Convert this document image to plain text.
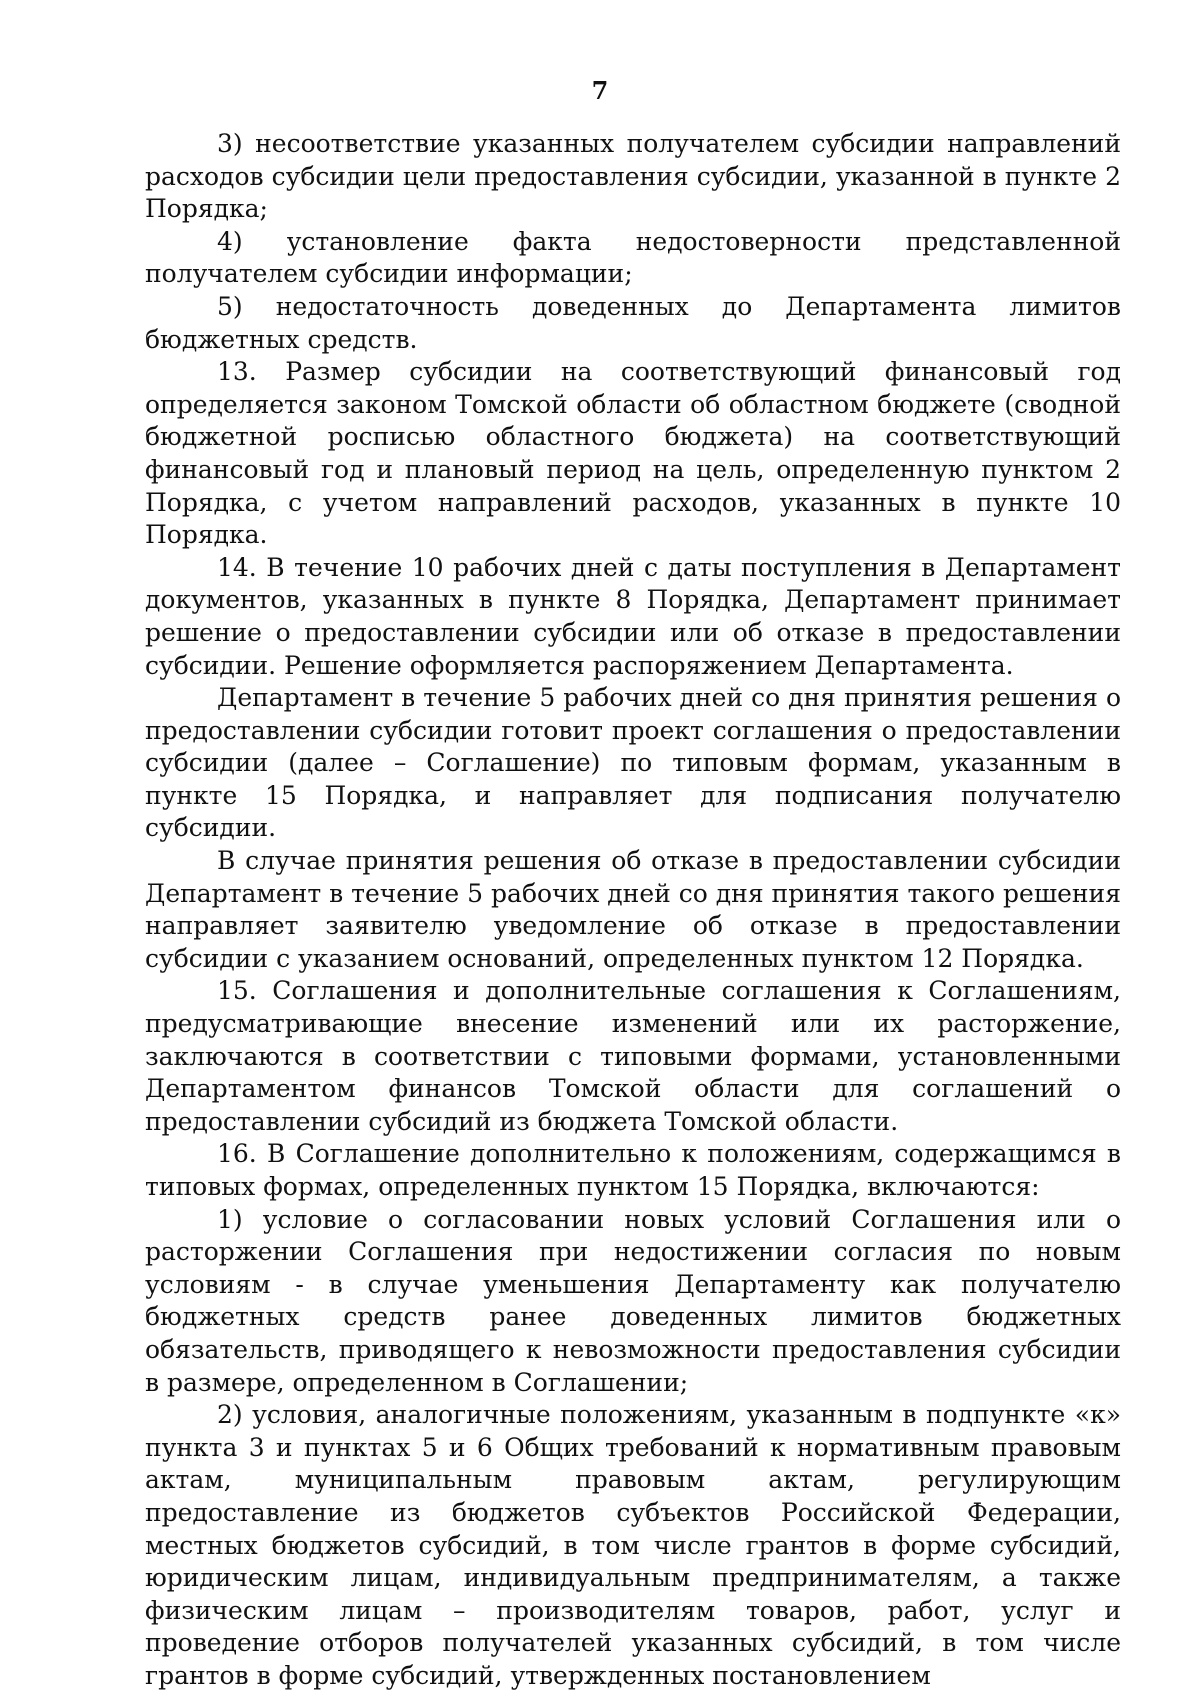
7

3) несоответствие указанных получателем субсидии направлений расходов субсидии цели предоставления субсидии, указанной в пункте 2 Порядка;

4) установление факта недостоверности представленной получателем субсидии информации;

5) недостаточность доведенных до Департамента лимитов бюджетных средств.

13. Размер субсидии на соответствующий финансовый год определяется законом Томской области об областном бюджете (сводной бюджетной росписью областного бюджета) на соответствующий финансовый год и плановый период на цель, определенную пунктом 2 Порядка, с учетом направлений расходов, указанных в пункте 10 Порядка.

14. В течение 10 рабочих дней с даты поступления в Департамент документов, указанных в пункте 8 Порядка, Департамент принимает решение о предоставлении субсидии или об отказе в предоставлении субсидии. Решение оформляется распоряжением Департамента.

Департамент в течение 5 рабочих дней со дня принятия решения о предоставлении субсидии готовит проект соглашения о предоставлении субсидии (далее – Соглашение) по типовым формам, указанным в пункте 15 Порядка, и направляет для подписания получателю субсидии.

В случае принятия решения об отказе в предоставлении субсидии Департамент в течение 5 рабочих дней со дня принятия такого решения направляет заявителю уведомление об отказе в предоставлении субсидии с указанием оснований, определенных пунктом 12 Порядка.

15. Соглашения и дополнительные соглашения к Соглашениям, предусматривающие внесение изменений или их расторжение, заключаются в соответствии с типовыми формами, установленными Департаментом финансов Томской области для соглашений о предоставлении субсидий из бюджета Томской области.

16. В Соглашение дополнительно к положениям, содержащимся в типовых формах, определенных пунктом 15 Порядка, включаются:

1) условие о согласовании новых условий Соглашения или о расторжении Соглашения при недостижении согласия по новым условиям - в случае уменьшения Департаменту как получателю бюджетных средств ранее доведенных лимитов бюджетных обязательств, приводящего к невозможности предоставления субсидии в размере, определенном в Соглашении;

2) условия, аналогичные положениям, указанным в подпункте «к» пункта 3 и пунктах 5 и 6 Общих требований к нормативным правовым актам, муниципальным правовым актам, регулирующим предоставление из бюджетов субъектов Российской Федерации, местных бюджетов субсидий, в том числе грантов в форме субсидий, юридическим лицам, индивидуальным предпринимателям, а также физическим лицам – производителям товаров, работ, услуг и проведение отборов получателей указанных субсидий, в том числе грантов в форме субсидий, утвержденных постановлением
